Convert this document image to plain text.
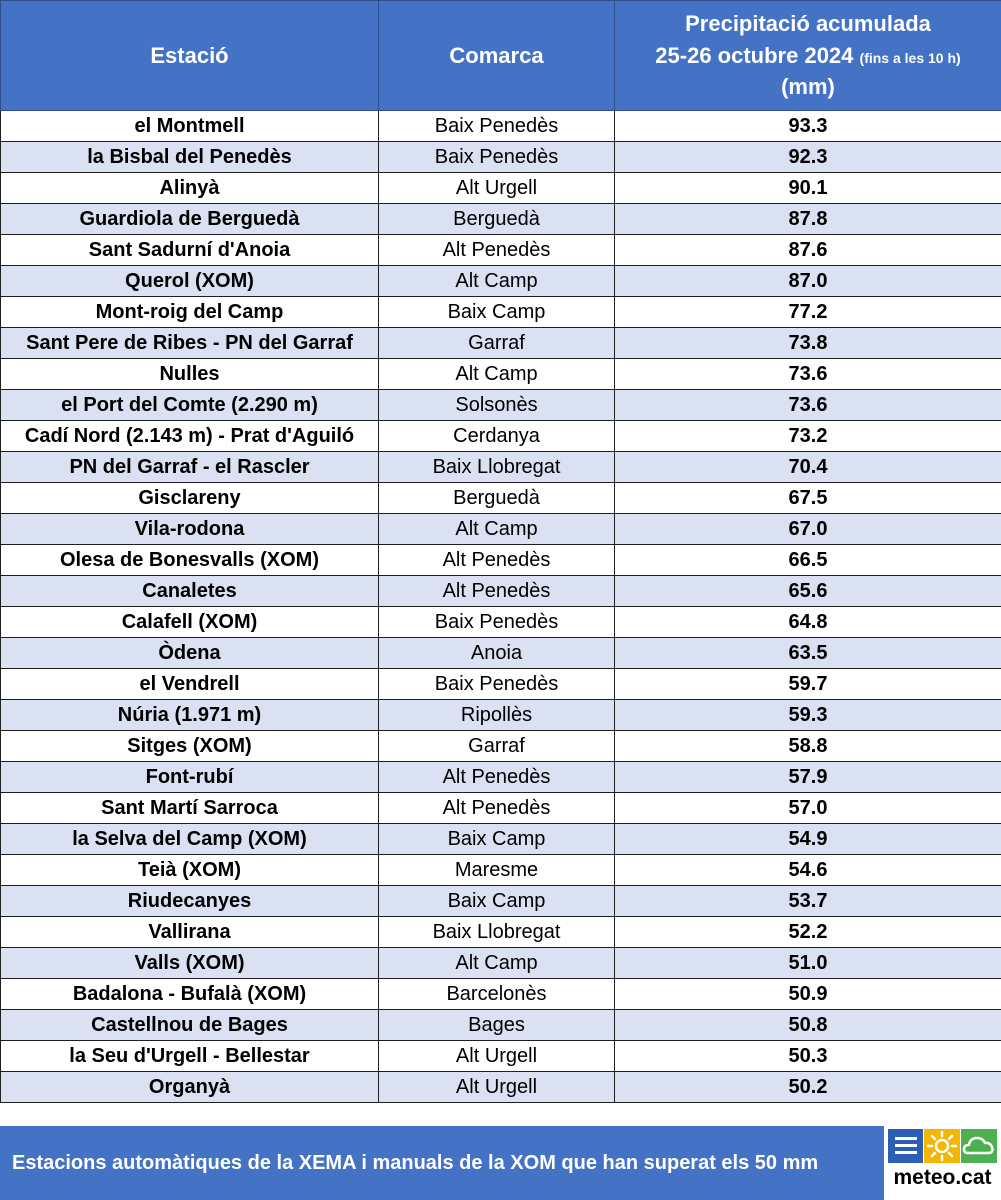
Estació	Comarca	Precipitació acumulada
25-26 octubre 2024 (fins a les 10 h)
(mm)
el Montmell	Baix Penedès	93.3
la Bisbal del Penedès	Baix Penedès	92.3
Alinyà	Alt Urgell	90.1
Guardiola de Berguedà	Berguedà	87.8
Sant Sadurní d'Anoia	Alt Penedès	87.6
Querol (XOM)	Alt Camp	87.0
Mont-roig del Camp	Baix Camp	77.2
Sant Pere de Ribes - PN del Garraf	Garraf	73.8
Nulles	Alt Camp	73.6
el Port del Comte (2.290 m)	Solsonès	73.6
Cadí Nord (2.143 m) - Prat d'Aguiló	Cerdanya	73.2
PN del Garraf - el Rascler	Baix Llobregat	70.4
Gisclareny	Berguedà	67.5
Vila-rodona	Alt Camp	67.0
Olesa de Bonesvalls (XOM)	Alt Penedès	66.5
Canaletes	Alt Penedès	65.6
Calafell (XOM)	Baix Penedès	64.8
Òdena	Anoia	63.5
el Vendrell	Baix Penedès	59.7
Núria (1.971 m)	Ripollès	59.3
Sitges (XOM)	Garraf	58.8
Font-rubí	Alt Penedès	57.9
Sant Martí Sarroca	Alt Penedès	57.0
la Selva del Camp (XOM)	Baix Camp	54.9
Teià (XOM)	Maresme	54.6
Riudecanyes	Baix Camp	53.7
Vallirana	Baix Llobregat	52.2
Valls (XOM)	Alt Camp	51.0
Badalona - Bufalà (XOM)	Barcelonès	50.9
Castellnou de Bages	Bages	50.8
la Seu d'Urgell - Bellestar	Alt Urgell	50.3
Organyà	Alt Urgell	50.2
Estacions automàtiques de la XEMA i manuals de la XOM que han superat els 50 mm
meteo.cat
